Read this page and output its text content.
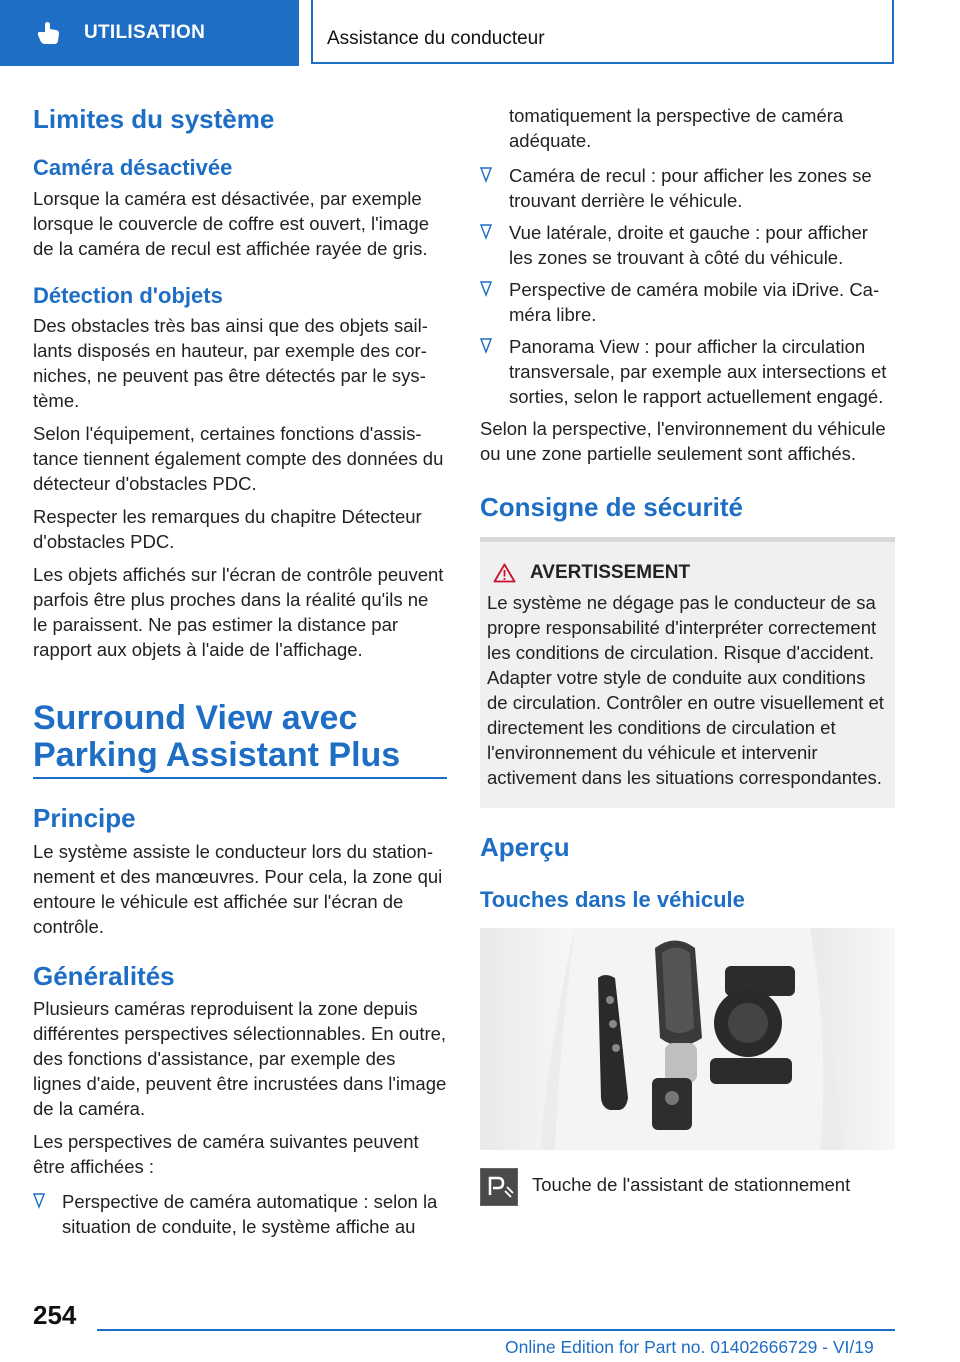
UTILISATION	Assistance du conducteur
Limites du système
Caméra désactivée

Lorsque la caméra est désactivée, par exemple lorsque le couvercle de coffre est ouvert, l'image de la caméra de recul est affichée rayée de gris.

Détection d'objets

Des obstacles très bas ainsi que des objets saillants disposés en hauteur, par exemple des corniches, ne peuvent pas être détectés par le système.

Selon l'équipement, certaines fonctions d'assistance tiennent également compte des données du détecteur d'obstacles PDC.

Respecter les remarques du chapitre Détecteur d'obstacles PDC.

Les objets affichés sur l'écran de contrôle peuvent parfois être plus proches dans la réalité qu'ils ne le paraissent. Ne pas estimer la distance par rapport aux objets à l'aide de l'affichage.

Surround View avec Parking Assistant Plus
Principe

Le système assiste le conducteur lors du stationnement et des manœuvres. Pour cela, la zone qui entoure le véhicule est affichée sur l'écran de contrôle.

Généralités

Plusieurs caméras reproduisent la zone depuis différentes perspectives sélectionnables. En outre, des fonctions d'assistance, par exemple des lignes d'aide, peuvent être incrustées dans l'image de la caméra.

Les perspectives de caméra suivantes peuvent être affichées :

Perspective de caméra automatique : selon la situation de conduite, le système affiche au

tomatiquement la perspective de caméra adéquate.

Caméra de recul : pour afficher les zones se trouvant derrière le véhicule.
Vue latérale, droite et gauche : pour afficher les zones se trouvant à côté du véhicule.
Perspective de caméra mobile via iDrive. Caméra libre.
Panorama View : pour afficher la circulation transversale, par exemple aux intersections et sorties, selon le rapport actuellement engagé.

Selon la perspective, l'environnement du véhicule ou une zone partielle seulement sont affichés.

Consigne de sécurité
AVERTISSEMENT

Le système ne dégage pas le conducteur de sa propre responsabilité d'interpréter correctement les conditions de circulation. Risque d'accident. Adapter votre style de conduite aux conditions de circulation. Contrôler en outre visuellement et directement les conditions de circulation et l'environnement du véhicule et intervenir activement dans les situations correspondantes.

Aperçu
Touches dans le véhicule
Touche de l'assistant de stationnement
254
Online Edition for Part no. 01402666729 - VI/19
